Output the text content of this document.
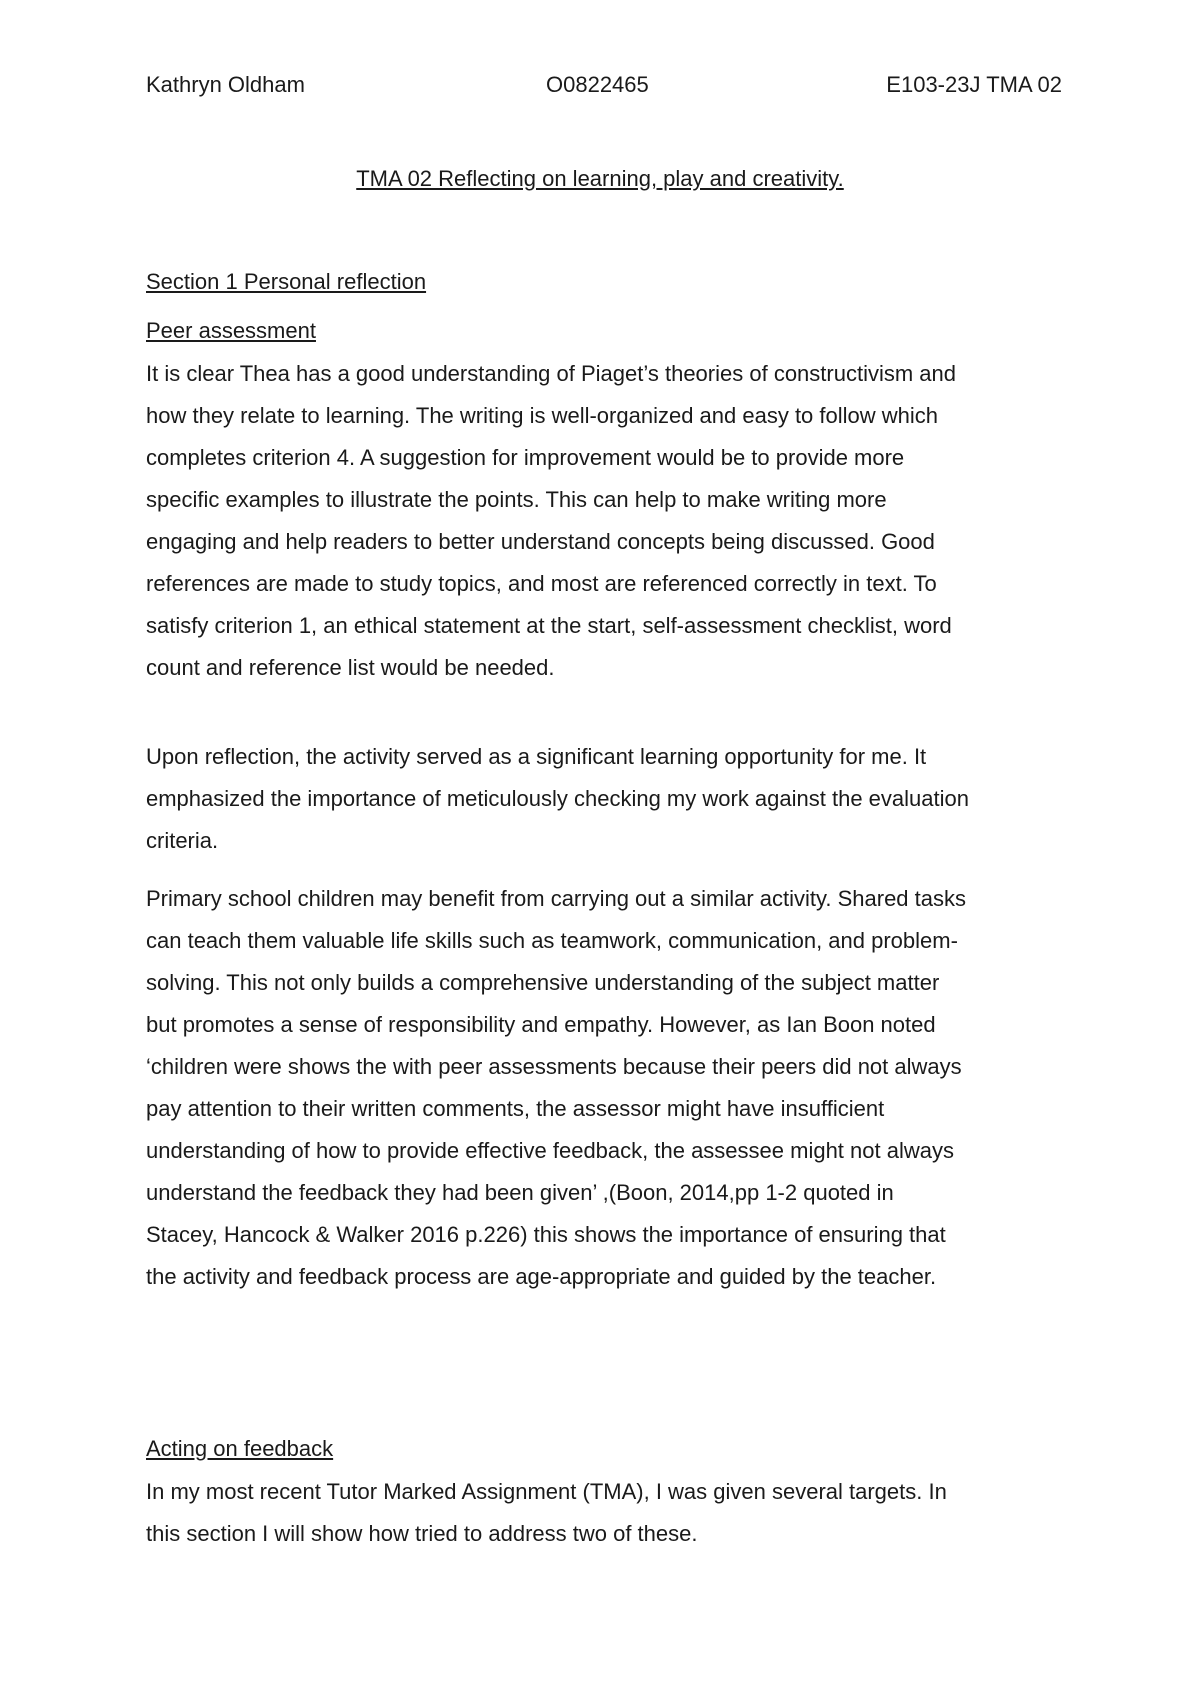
Kathryn Oldham	O0822465	E103-23J TMA 02
TMA 02 Reflecting on learning, play and creativity.
Section 1 Personal reflection
Peer assessment
It is clear Thea has a good understanding of Piaget’s theories of constructivism and
how they relate to learning. The writing is well-organized and easy to follow which
completes criterion 4. A suggestion for improvement would be to provide more
specific examples to illustrate the points. This can help to make writing more
engaging and help readers to better understand concepts being discussed. Good
references are made to study topics, and most are referenced correctly in text. To
satisfy criterion 1, an ethical statement at the start, self-assessment checklist, word
count and reference list would be needed.
Upon reflection, the activity served as a significant learning opportunity for me. It
emphasized the importance of meticulously checking my work against the evaluation
criteria.
Primary school children may benefit from carrying out a similar activity. Shared tasks
can teach them valuable life skills such as teamwork, communication, and problem-
solving. This not only builds a comprehensive understanding of the subject matter
but promotes a sense of responsibility and empathy. However, as Ian Boon noted
‘children were shows the with peer assessments because their peers did not always
pay attention to their written comments, the assessor might have insufficient
understanding of how to provide effective feedback, the assessee might not always
understand the feedback they had been given’ ,(Boon, 2014,pp 1-2 quoted in
Stacey, Hancock & Walker 2016 p.226) this shows the importance of ensuring that
the activity and feedback process are age-appropriate and guided by the teacher.
Acting on feedback
In my most recent Tutor Marked Assignment (TMA), I was given several targets. In
this section I will show how tried to address two of these.
